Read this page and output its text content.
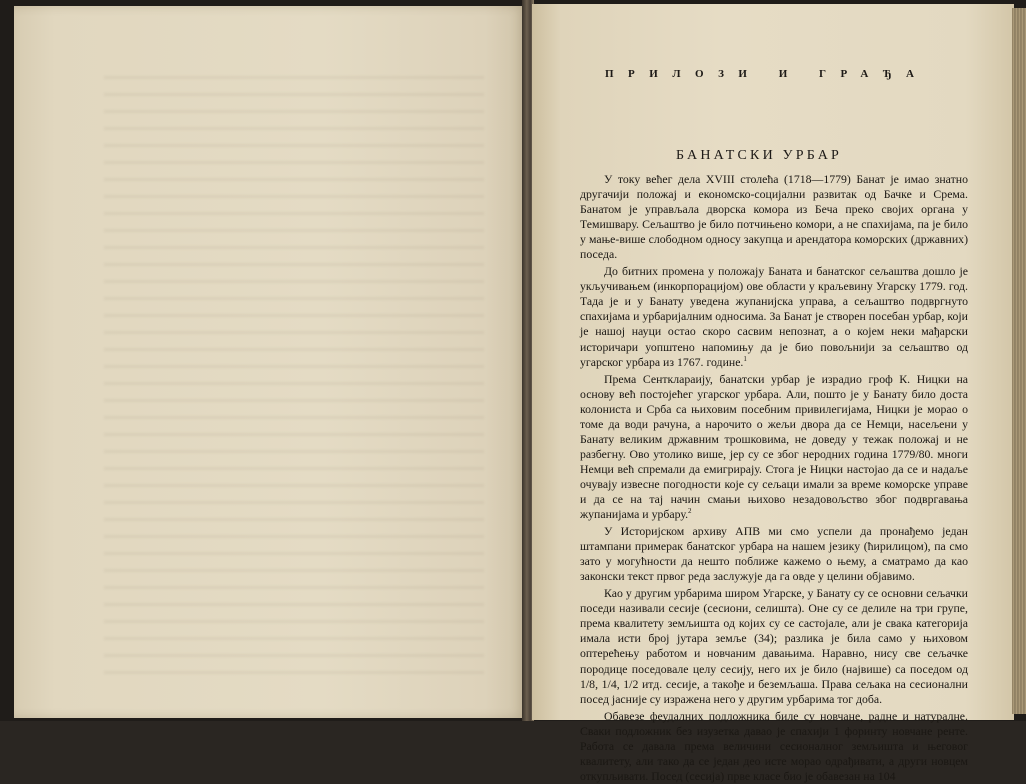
ПРИЛОЗИ И ГРАЂА
БАНАТСКИ УРБАР

У току већег дела XVIII столећа (1718—1779) Банат је имао знатно другачији положај и економско-социјални развитак од Бачке и Срема. Банатом је управљала дворска комора из Беча преко својих органа у Темишвару. Сељаштво је било потчињено комори, а не спахијама, па је било у мање-више слободном односу закупца и арендатора коморских (државних) поседа.

До битних промена у положају Баната и банатског сељаштва дошло је укључивањем (инкорпорацијом) ове области у краљевину Угарску 1779. год. Тада је и у Банату уведена жупанијска управа, а сељаштво подвргнуто спахијама и урбаријалним односима. За Банат је створен посебан урбар, који је нашој науци остао скоро сасвим непознат, а о којем неки мађарски историчари уопштено напомињу да је био повољнији за сељаштво од угарског урбара из 1767. године.$^1$

Према Сентклараију, банатски урбар је израдио гроф К. Ницки на основу већ постојећег угарског урбара. Али, пошто је у Банату било доста колониста и Срба са њиховим посебним привилегијама, Ницки је морао о томе да води рачуна, а нарочито о жељи двора да се Немци, насељени у Банату великим државним трошковима, не доведу у тежак положај и не разбегну. Ово утолико више, јер су се због неродних година 1779/80. многи Немци већ спремали да емигрирају. Стога је Ницки настојао да се и надаље очувају извесне погодности које су сељаци имали за време коморске управе и да се на тај начин смањи њихово незадовољство због подвргавања жупанијама и урбару.$^2$

У Историјском архиву АПВ ми смо успели да пронађемо један штампани примерак банатског урбара на нашем језику (ћирилицом), па смо зато у могућности да нешто поближе кажемо о њему, а сматрамо да као законски текст првог реда заслужује да га овде у целини објавимо.

Као у другим урбарима широм Угарске, у Банату су се основни сељачки поседи називали сесије (сесиони, селишта). Оне су се делиле на три групе, према квалитету земљишта од којих су се састојале, али је свака категорија имала исти број јутара земље (34); разлика је била само у њиховом оптерећењу работом и новчаним давањима. Наравно, нису све сељачке породице поседовале целу сесију, него их је било (највише) са поседом од 1/8, 1/4, 1/2 итд. сесије, а такође и беземљаша. Права сељака на сесионални посед јасније су изражена него у другим урбарима тог доба.

Обавезе феудалних подложника биле су новчане, радне и натуралне. Сваки подложник без изузетка давао је спахији 1 форинту новчане ренте. Работа се давала према величини сесионалног земљишта и његовог квалитету, али тако да се један део исте морао одрађивати, а други новцем откупљивати. Посед (сесија) прве класе био је обавезан на 104
